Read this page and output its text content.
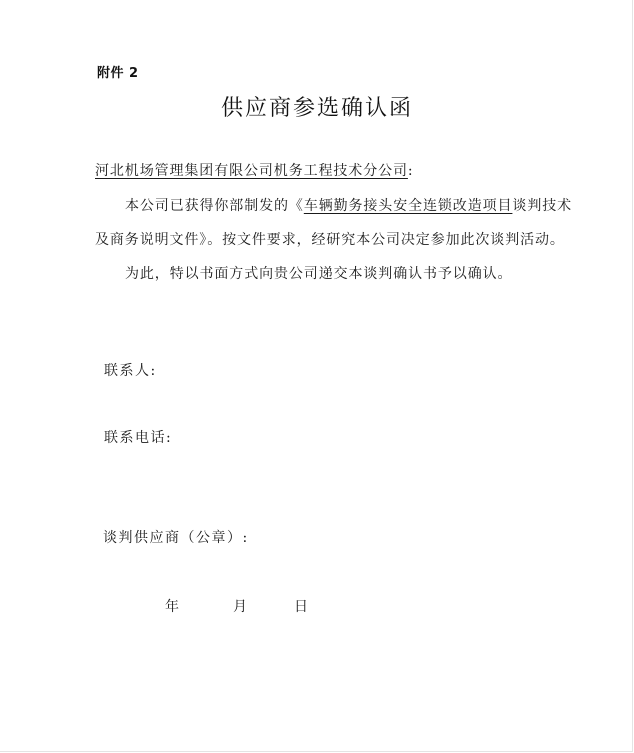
附件 2
供应商参选确认函
河北机场管理集团有限公司机务工程技术分公司:
本公司已获得你部制发的《车辆勤务接头安全连锁改造项目谈判技术
及商务说明文件》。按文件要求，经研究本公司决定参加此次谈判活动。
为此，特以书面方式向贵公司递交本谈判确认书予以确认。
联系人:
联系电话:
谈判供应商（公章）:
年	月	日
